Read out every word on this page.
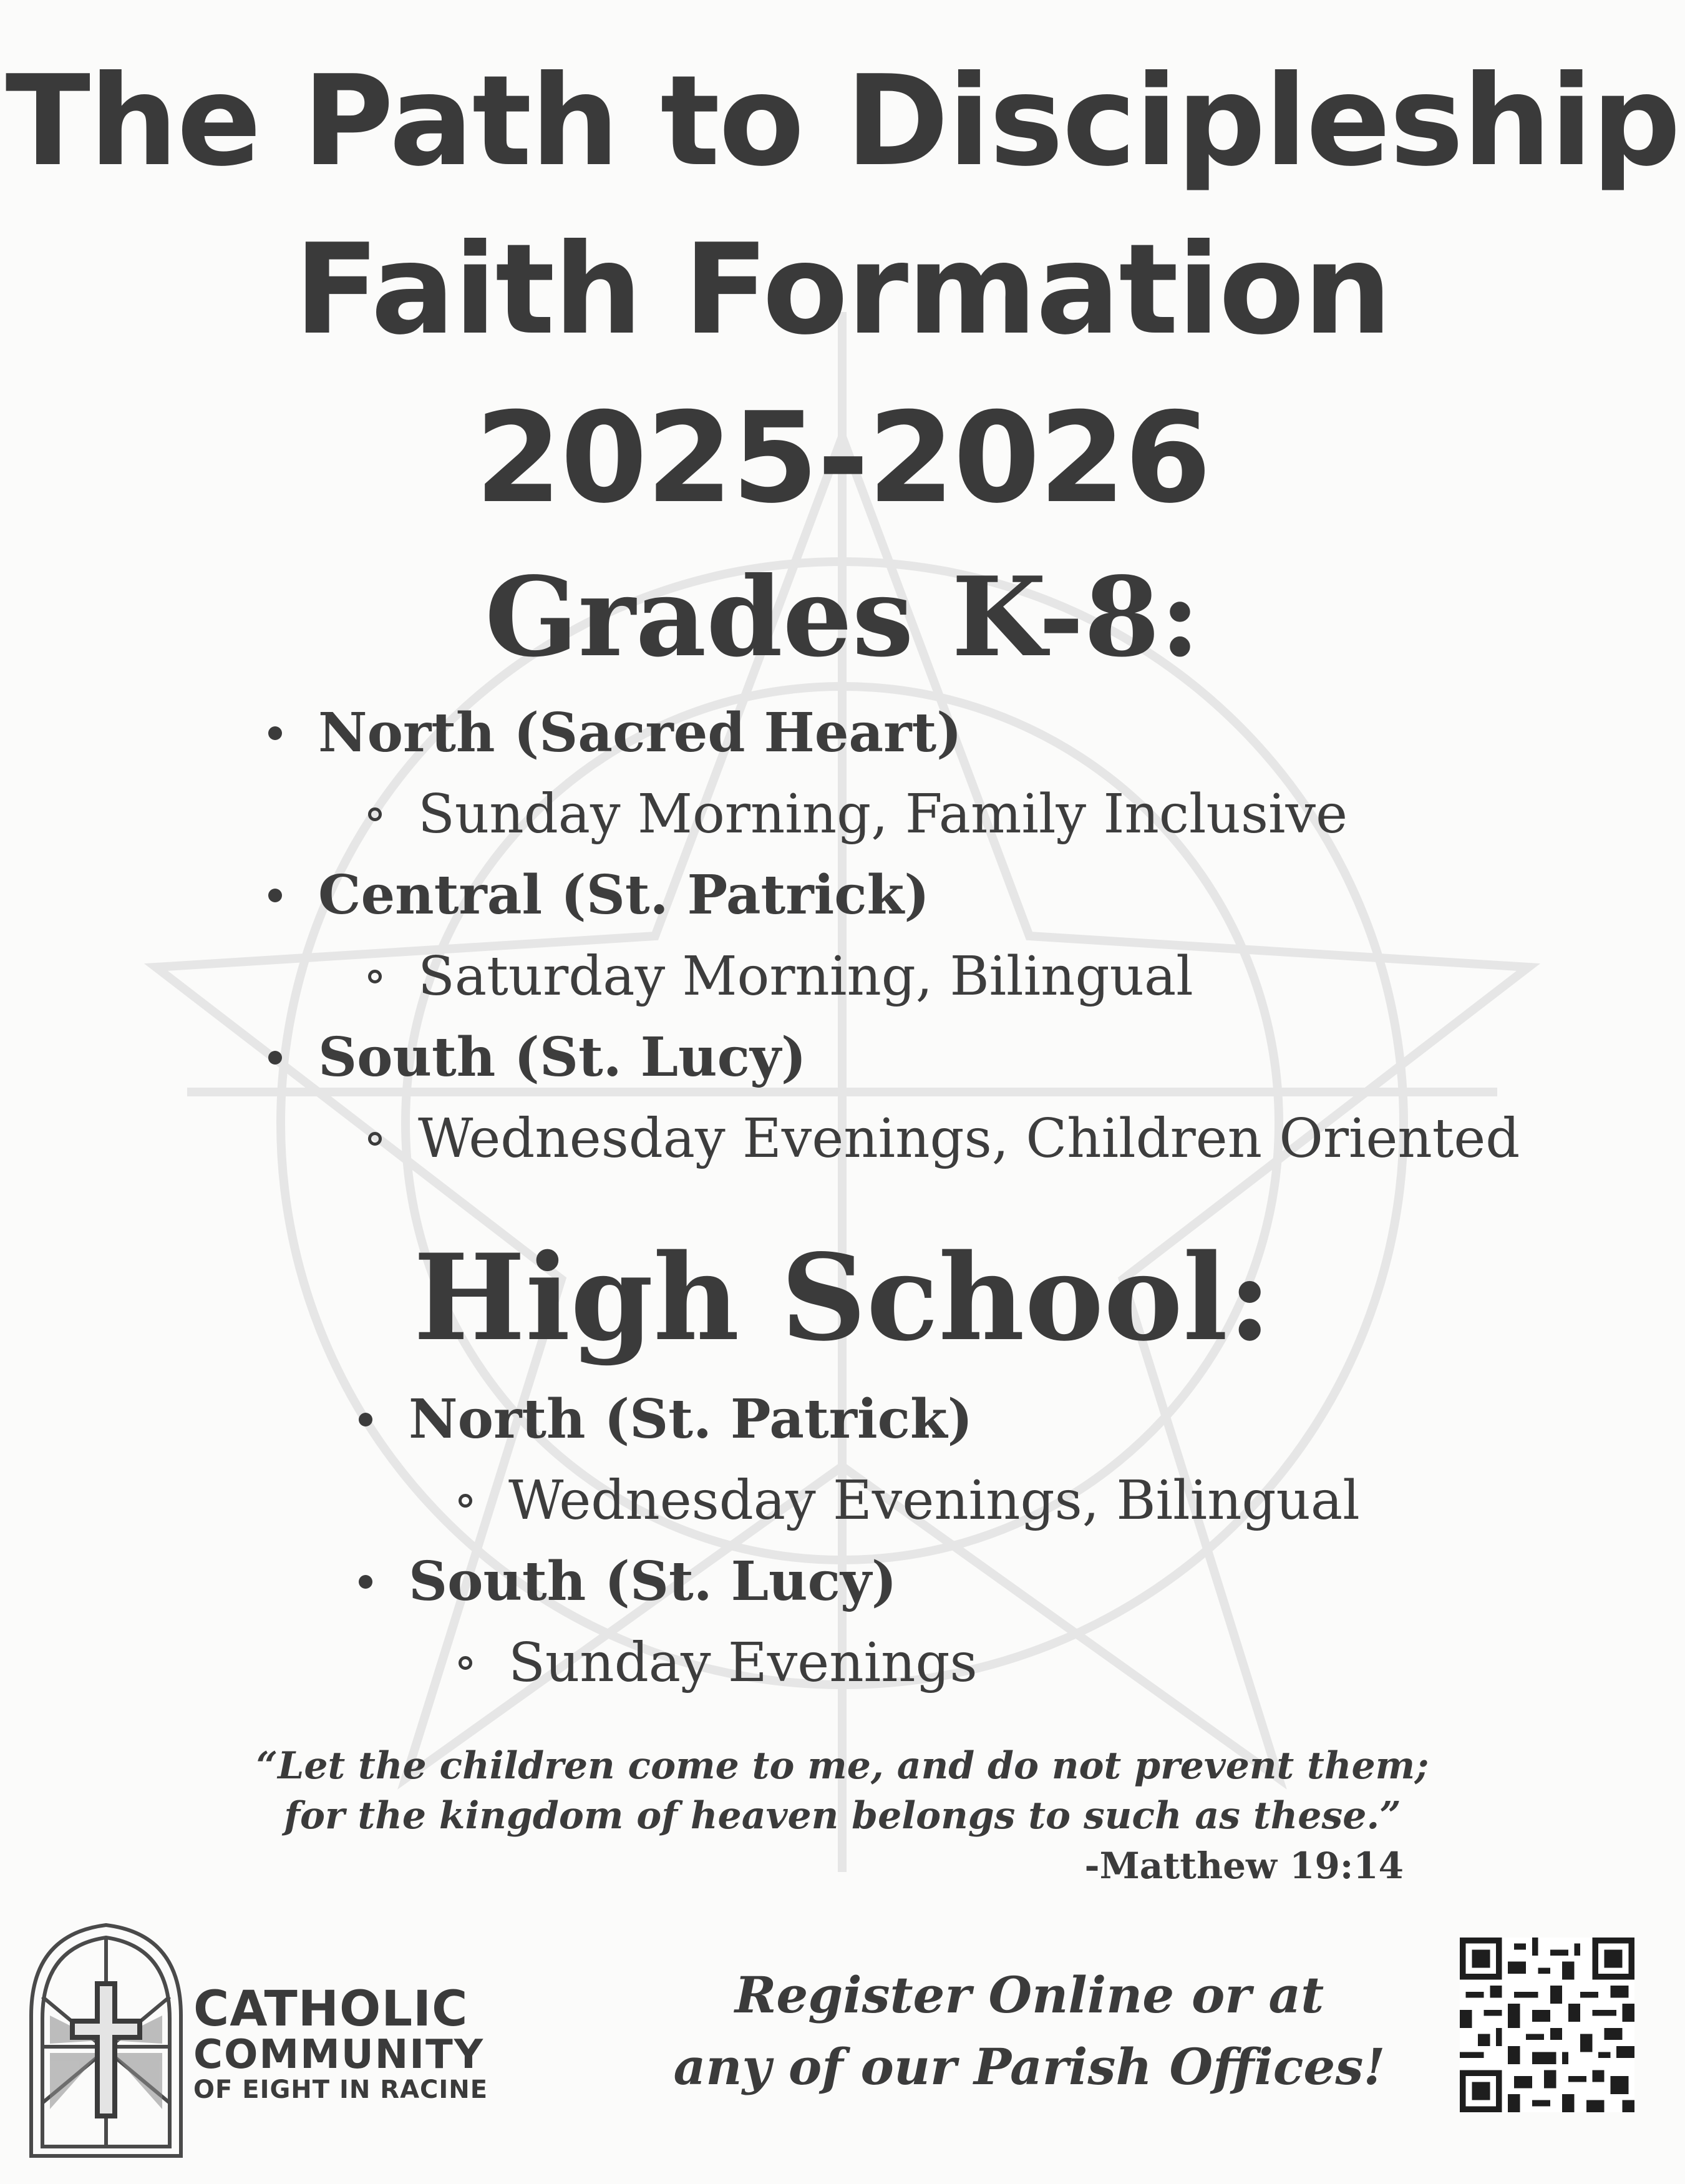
The Path to Discipleship
Faith Formation
2025-2026
Grades K-8:
North (Sacred Heart)
Sunday Morning, Family Inclusive
Central (St. Patrick)
Saturday Morning, Bilingual
South (St. Lucy)
Wednesday Evenings, Children Oriented
High School:
North (St. Patrick)
Wednesday Evenings, Bilingual
South (St. Lucy)
Sunday Evenings
“Let the children come to me, and do not prevent them;
for the kingdom of heaven belongs to such as these.”
-Matthew 19:14
CATHOLIC
COMMUNITY
OF EIGHT IN RACINE
Register Online or at
any of our Parish Offices!
